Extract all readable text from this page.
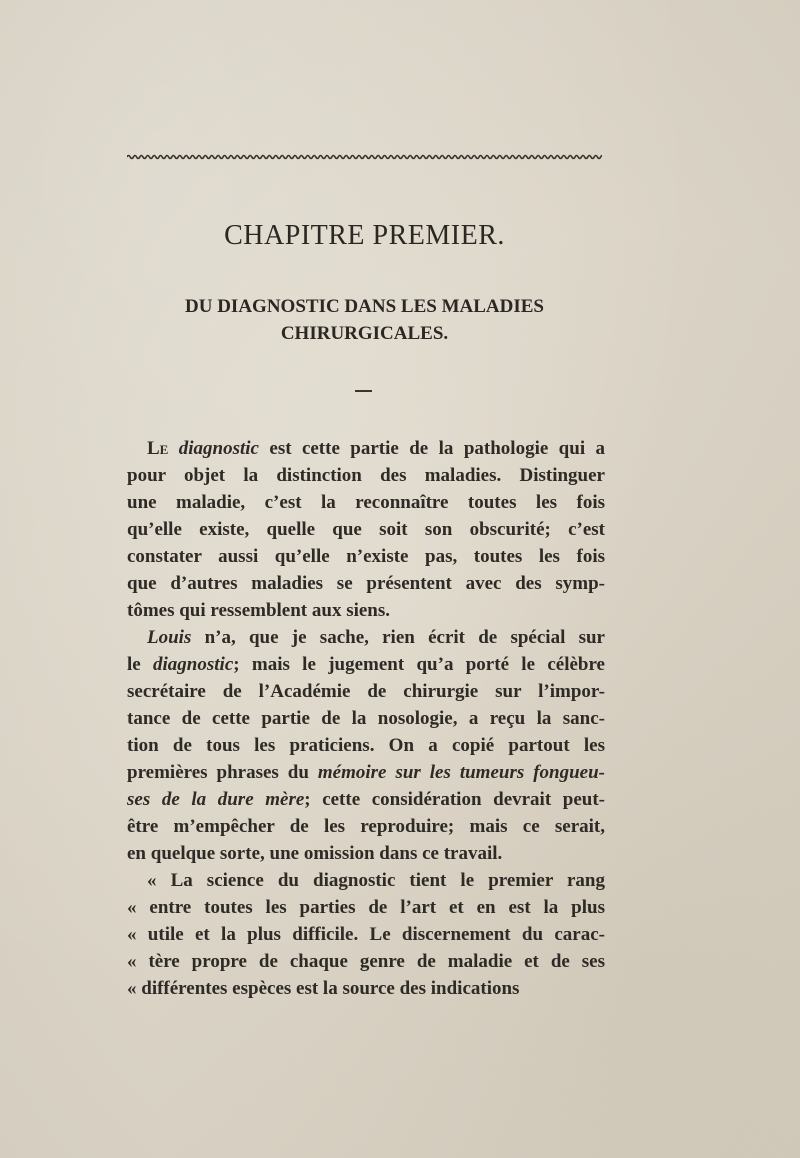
CHAPITRE PREMIER.
DU DIAGNOSTIC DANS LES MALADIES
CHIRURGICALES.
Le diagnostic est cette partie de la pathologie qui a
pour objet la distinction des maladies. Distinguer
une maladie, c’est la reconnaître toutes les fois
qu’elle existe, quelle que soit son obscurité; c’est
constater aussi qu’elle n’existe pas, toutes les fois
que d’autres maladies se présentent avec des symp-
tômes qui ressemblent aux siens.
Louis n’a, que je sache, rien écrit de spécial sur
le diagnostic; mais le jugement qu’a porté le célèbre
secrétaire de l’Académie de chirurgie sur l’impor-
tance de cette partie de la nosologie, a reçu la sanc-
tion de tous les praticiens. On a copié partout les
premières phrases du mémoire sur les tumeurs fongueu-
ses de la dure mère; cette considération devrait peut-
être m’empêcher de les reproduire; mais ce serait,
en quelque sorte, une omission dans ce travail.
« La science du diagnostic tient le premier rang
« entre toutes les parties de l’art et en est la plus
« utile et la plus difficile. Le discernement du carac-
« tère propre de chaque genre de maladie et de ses
« différentes espèces est la source des indications
